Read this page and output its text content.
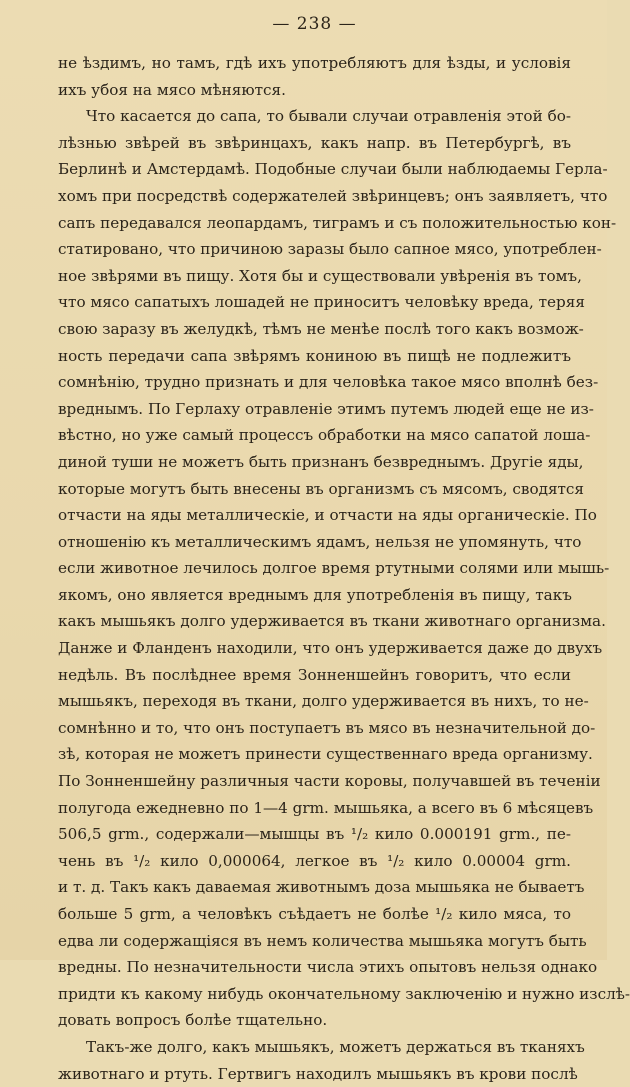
— 238 —
не ѣздимъ, но тамъ, гдѣ ихъ употребляютъ для ѣзды, и условія
ихъ убоя на мясо мѣняются.
Что касается до сапа, то бывали случаи отравленія этой бо-
лѣзнью звѣрей въ звѣринцахъ, какъ напр. въ Петербургѣ, въ
Берлинѣ и Амстердамѣ. Подобные случаи были наблюдаемы Герла-
хомъ при посредствѣ содержателей звѣринцевъ; онъ заявляетъ, что
сапъ передавался леопардамъ, тиграмъ и съ положительностью кон-
статировано, что причиною заразы было сапное мясо, употреблен-
ное звѣрями въ пищу. Хотя бы и существовали увѣренія въ томъ,
что мясо сапатыхъ лошадей не приноситъ человѣку вреда, теряя
свою заразу въ желудкѣ, тѣмъ не менѣе послѣ того какъ возмож-
ность передачи сапа звѣрямъ кониною въ пищѣ не подлежитъ
сомнѣнію, трудно признать и для человѣка такое мясо вполнѣ без-
вреднымъ. По Герлаху отравленіе этимъ путемъ людей еще не из-
вѣстно, но уже самый процессъ обработки на мясо сапатой лоша-
диной туши не можетъ быть признанъ безвреднымъ. Другіе яды,
которые могутъ быть внесены въ организмъ съ мясомъ, сводятся
отчасти на яды металлическіе, и отчасти на яды органическіе. По
отношенію къ металлическимъ ядамъ, нельзя не упомянуть, что
если животное лечилось долгое время ртутными солями или мышь-
якомъ, оно является вреднымъ для употребленія въ пищу, такъ
какъ мышьякъ долго удерживается въ ткани животнаго организма.
Данже и Фланденъ находили, что онъ удерживается даже до двухъ
недѣль. Въ послѣднее время Зонненшейнъ говоритъ, что если
мышьякъ, переходя въ ткани, долго удерживается въ нихъ, то не-
сомнѣнно и то, что онъ поступаетъ въ мясо въ незначительной до-
зѣ, которая не можетъ принести существеннаго вреда организму.
По Зонненшейну различныя части коровы, получавшей въ теченіи
полугода ежедневно по 1—4 grm. мышьяка, а всего въ 6 мѣсяцевъ
506,5 grm., содержали—мышцы въ ¹/₂ кило 0.000191 grm., пе-
чень въ ¹/₂ кило 0,000064, легкое въ ¹/₂ кило 0.00004 grm.
и т. д. Такъ какъ даваемая животнымъ доза мышьяка не бываетъ
больше 5 grm, а человѣкъ съѣдаетъ не болѣе ¹/₂ кило мяса, то
едва ли содержащіяся въ немъ количества мышьяка могутъ быть
вредны. По незначительности числа этихъ опытовъ нельзя однако
придти къ какому нибудь окончательному заключенію и нужно изслѣ-
довать вопросъ болѣе тщательно.
Такъ-же долго, какъ мышьякъ, можетъ держаться въ тканяхъ
животнаго и ртуть. Гертвигъ находилъ мышьякъ въ крови послѣ
